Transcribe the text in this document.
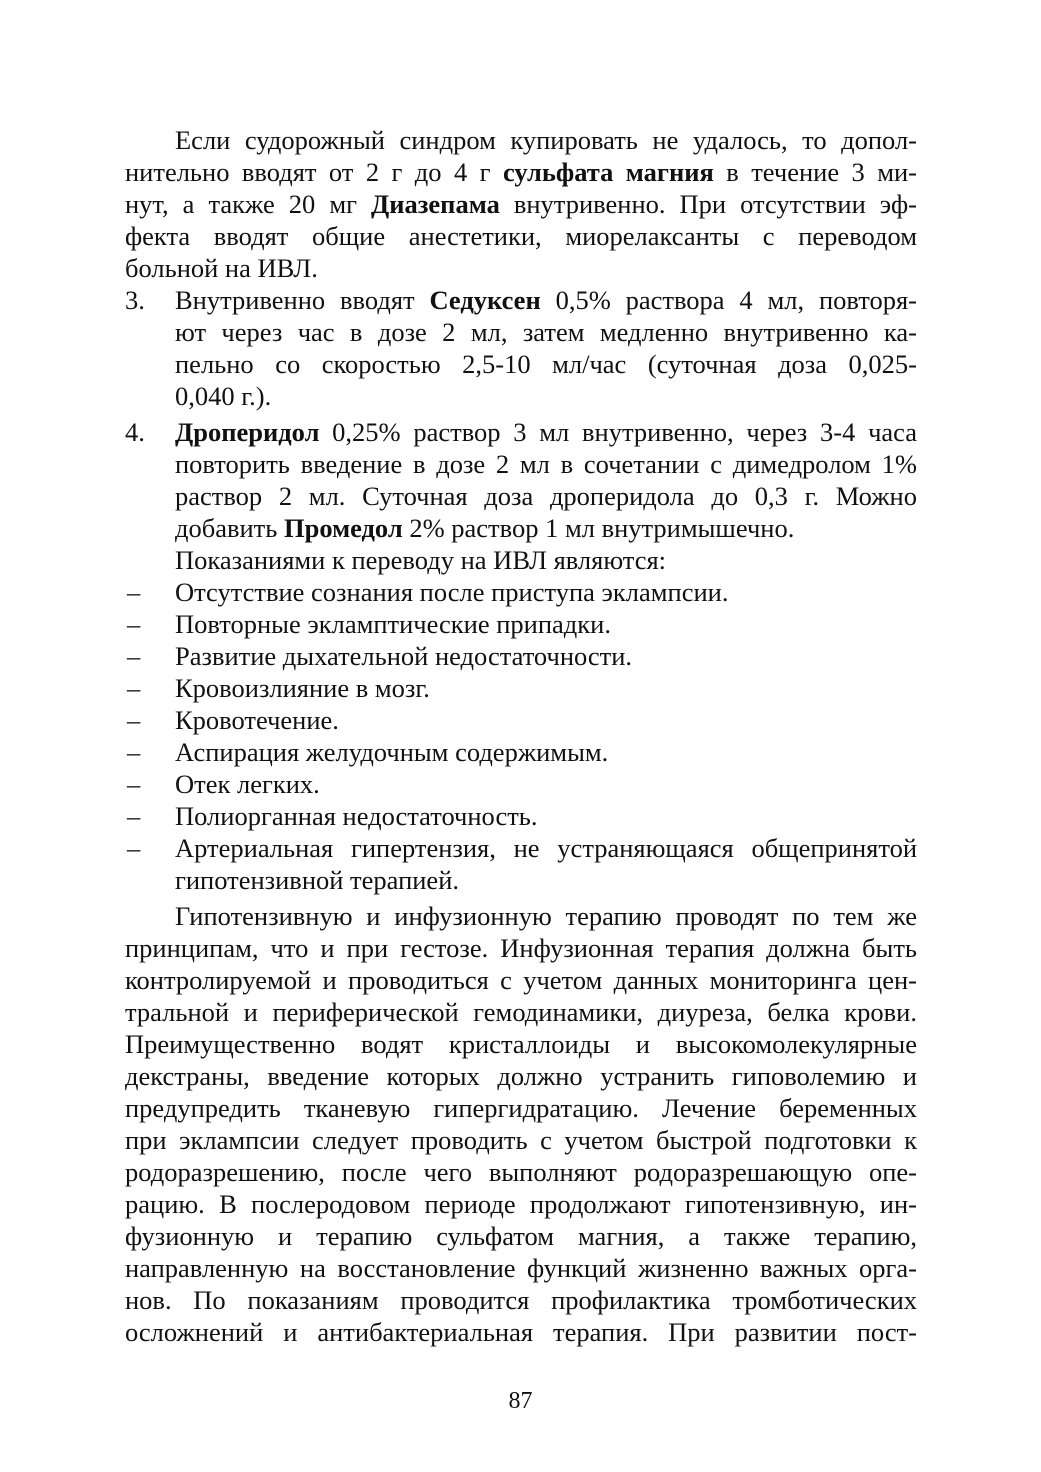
Если судорожный синдром купировать не удалось, то допол-
нительно вводят от 2 г до 4 г сульфата магния в течение 3 ми-
нут, а также 20 мг Диазепама внутривенно. При отсутствии эф-
фекта вводят общие анестетики, миорелаксанты с переводом
больной на ИВЛ.
3. Внутривенно вводят Седуксен 0,5% раствора 4 мл, повторя-
ют через час в дозе 2 мл, затем медленно внутривенно ка-
пельно со скоростью 2,5-10 мл/час (суточная доза 0,025-
0,040 г.).
4. Дроперидол 0,25% раствор 3 мл внутривенно, через 3-4 часа
повторить введение в дозе 2 мл в сочетании с димедролом 1%
раствор 2 мл. Суточная доза дроперидола до 0,3 г. Можно
добавить Промедол 2% раствор 1 мл внутримышечно.
Показаниями к переводу на ИВЛ являются:
– Отсутствие сознания после приступа эклампсии.
– Повторные экламптические припадки.
– Развитие дыхательной недостаточности.
– Кровоизлияние в мозг.
– Кровотечение.
– Аспирация желудочным содержимым.
– Отек легких.
– Полиорганная недостаточность.
– Артериальная гипертензия, не устраняющаяся общепринятой
гипотензивной терапией.
Гипотензивную и инфузионную терапию проводят по тем же
принципам, что и при гестозе. Инфузионная терапия должна быть
контролируемой и проводиться с учетом данных мониторинга цен-
тральной и периферической гемодинамики, диуреза, белка крови.
Преимущественно водят кристаллоиды и высокомолекулярные
декстраны, введение которых должно устранить гиповолемию и
предупредить тканевую гипергидратацию. Лечение беременных
при эклампсии следует проводить с учетом быстрой подготовки к
родоразрешению, после чего выполняют родоразрешающую опе-
рацию. В послеродовом периоде продолжают гипотензивную, ин-
фузионную и терапию сульфатом магния, а также терапию,
направленную на восстановление функций жизненно важных орга-
нов. По показаниям проводится профилактика тромботических
осложнений и антибактериальная терапия. При развитии пост-
87
